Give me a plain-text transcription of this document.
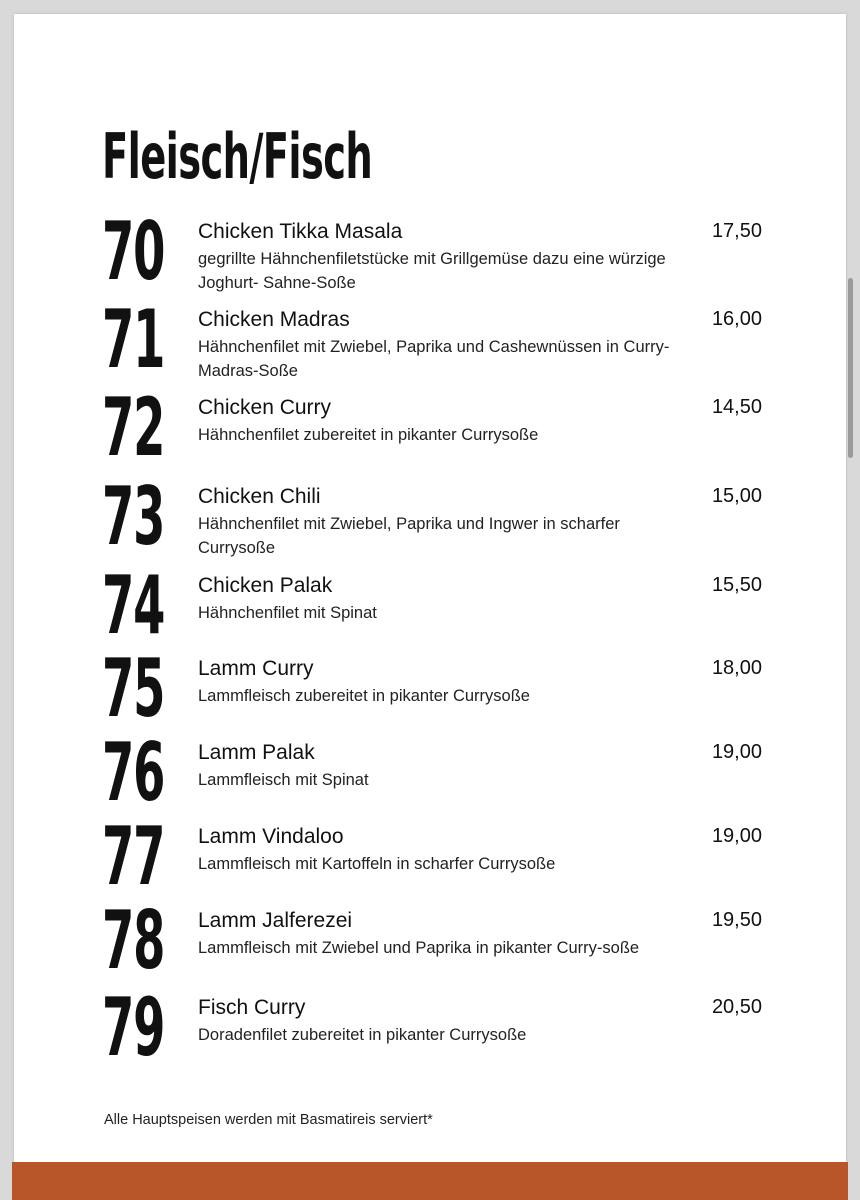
Fleisch/Fisch
70 Chicken Tikka Masala	17,50
gegrillte Hähnchenfiletstücke mit Grillgemüse dazu eine würzige Joghurt- Sahne-Soße
71 Chicken Madras	16,00
Hähnchenfilet mit Zwiebel, Paprika und Cashewnüssen in Curry-Madras-Soße
72 Chicken Curry	14,50
Hähnchenfilet zubereitet in pikanter Currysoße
73 Chicken Chili	15,00
Hähnchenfilet mit Zwiebel, Paprika und Ingwer in scharfer Currysoße
74 Chicken Palak	15,50
Hähnchenfilet mit Spinat
75 Lamm Curry	18,00
Lammfleisch zubereitet in pikanter Currysoße
76 Lamm Palak	19,00
Lammfleisch mit Spinat
77 Lamm Vindaloo	19,00
Lammfleisch mit Kartoffeln in scharfer Currysoße
78 Lamm Jalferezei	19,50
Lammfleisch mit Zwiebel und Paprika in pikanter Curry-soße
79 Fisch Curry	20,50
Doradenfilet zubereitet in pikanter Currysoße
Alle Hauptspeisen werden mit Basmatireis serviert*
